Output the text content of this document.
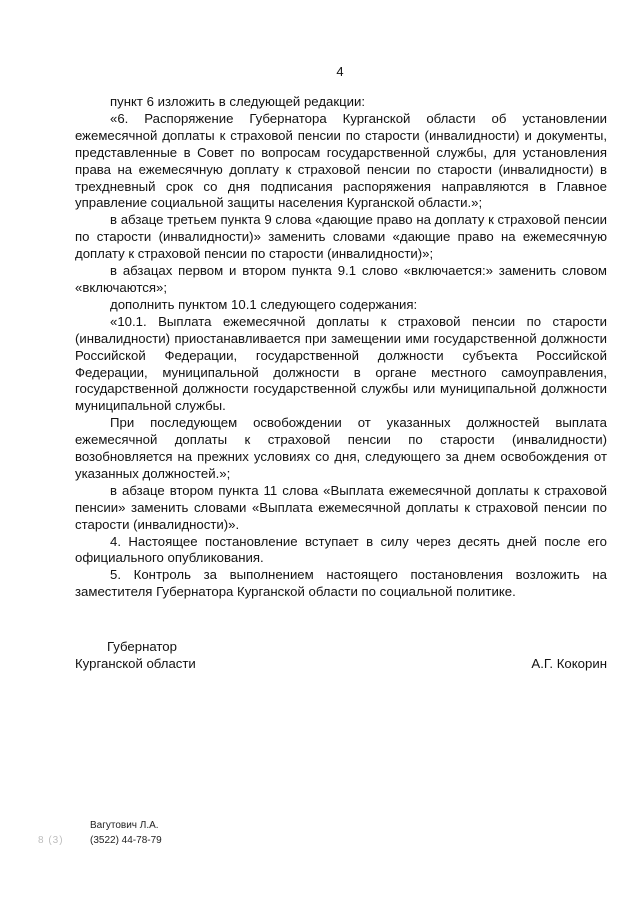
4

пункт 6 изложить в следующей редакции:

«6. Распоряжение Губернатора Курганской области об установлении ежемесячной доплаты к страховой пенсии по старости (инвалидности) и документы, представленные в Совет по вопросам государственной службы, для установления права на ежемесячную доплату к страховой пенсии по старости (инвалидности) в трехдневный срок со дня подписания распоряжения направляются в Главное управление социальной защиты населения Курганской области.»;

в абзаце третьем пункта 9 слова «дающие право на доплату к страховой пенсии по старости (инвалидности)» заменить словами «дающие право на ежемесячную доплату к страховой пенсии по старости (инвалидности)»;

в абзацах первом и втором пункта 9.1 слово «включается:» заменить словом «включаются»;

дополнить пунктом 10.1 следующего содержания:

«10.1. Выплата ежемесячной доплаты к страховой пенсии по старости (инвалидности) приостанавливается при замещении ими государственной должности Российской Федерации, государственной должности субъекта Российской Федерации, муниципальной должности в органе местного самоуправления, государственной должности государственной службы или муниципальной должности муниципальной службы.

При последующем освобождении от указанных должностей выплата ежемесячной доплаты к страховой пенсии по старости (инвалидности) возобновляется на прежних условиях со дня, следующего за днем освобождения от указанных должностей.»;

в абзаце втором пункта 11 слова «Выплата ежемесячной доплаты к страховой пенсии» заменить словами «Выплата ежемесячной доплаты к страховой пенсии по старости (инвалидности)».

4. Настоящее постановление вступает в силу через десять дней после его официального опубликования.

5. Контроль за выполнением настоящего постановления возложить на заместителя Губернатора Курганской области по социальной политике.

Губернатор
Курганской области	А.Г. Кокорин
Вагутович Л.А.
8 (3)	(3522) 44-78-79
